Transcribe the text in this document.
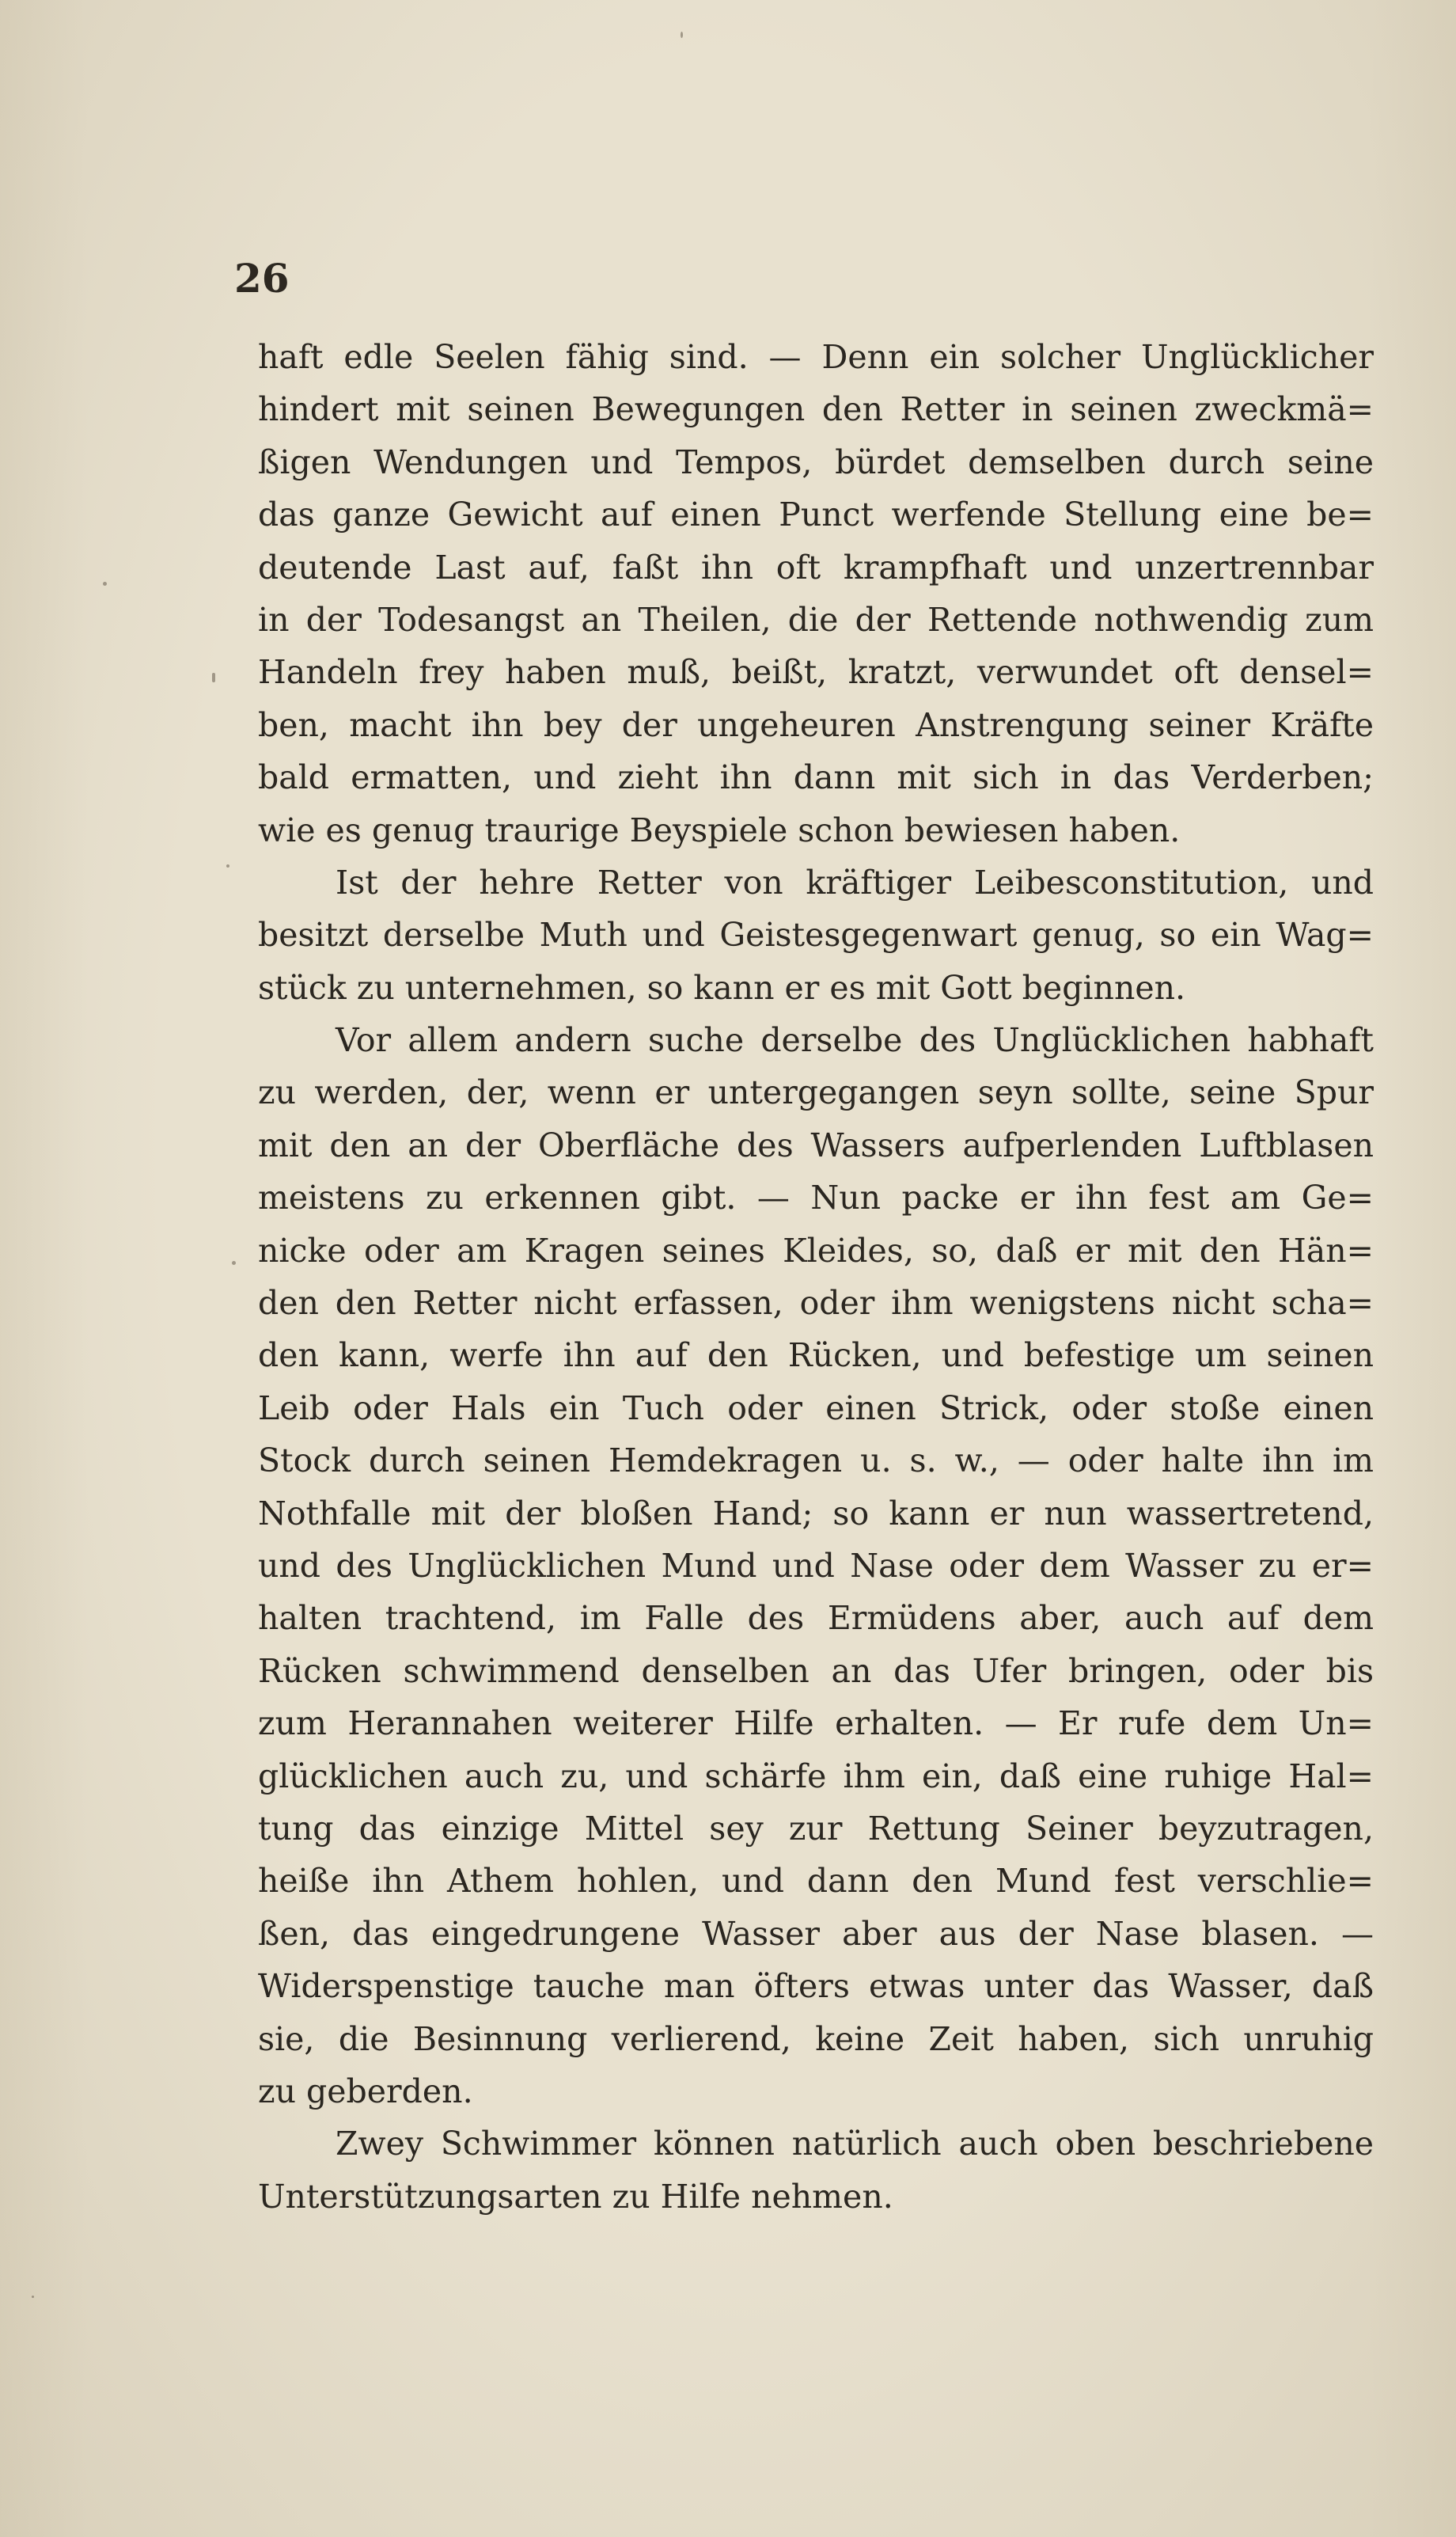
26
haft edle Seelen fähig sind. — Denn ein solcher Unglücklicher
hindert mit seinen Bewegungen den Retter in seinen zweckmä=
ßigen Wendungen und Tempos, bürdet demselben durch seine
das ganze Gewicht auf einen Punct werfende Stellung eine be=
deutende Last auf, faßt ihn oft krampfhaft und unzertrennbar
in der Todesangst an Theilen, die der Rettende nothwendig zum
Handeln frey haben muß, beißt, kratzt, verwundet oft densel=
ben, macht ihn bey der ungeheuren Anstrengung seiner Kräfte
bald ermatten, und zieht ihn dann mit sich in das Verderben;
wie es genug traurige Beyspiele schon bewiesen haben.
Ist der hehre Retter von kräftiger Leibesconstitution, und
besitzt derselbe Muth und Geistesgegenwart genug, so ein Wag=
stück zu unternehmen, so kann er es mit Gott beginnen.
Vor allem andern suche derselbe des Unglücklichen habhaft
zu werden, der, wenn er untergegangen seyn sollte, seine Spur
mit den an der Oberfläche des Wassers aufperlenden Luftblasen
meistens zu erkennen gibt. — Nun packe er ihn fest am Ge=
nicke oder am Kragen seines Kleides, so, daß er mit den Hän=
den den Retter nicht erfassen, oder ihm wenigstens nicht scha=
den kann, werfe ihn auf den Rücken, und befestige um seinen
Leib oder Hals ein Tuch oder einen Strick, oder stoße einen
Stock durch seinen Hemdekragen u. s. w., — oder halte ihn im
Nothfalle mit der bloßen Hand; so kann er nun wassertretend,
und des Unglücklichen Mund und Nase oder dem Wasser zu er=
halten trachtend, im Falle des Ermüdens aber, auch auf dem
Rücken schwimmend denselben an das Ufer bringen, oder bis
zum Herannahen weiterer Hilfe erhalten. — Er rufe dem Un=
glücklichen auch zu, und schärfe ihm ein, daß eine ruhige Hal=
tung das einzige Mittel sey zur Rettung Seiner beyzutragen,
heiße ihn Athem hohlen, und dann den Mund fest verschlie=
ßen, das eingedrungene Wasser aber aus der Nase blasen. —
Widerspenstige tauche man öfters etwas unter das Wasser, daß
sie, die Besinnung verlierend, keine Zeit haben, sich unruhig
zu geberden.
Zwey Schwimmer können natürlich auch oben beschriebene
Unterstützungsarten zu Hilfe nehmen.
